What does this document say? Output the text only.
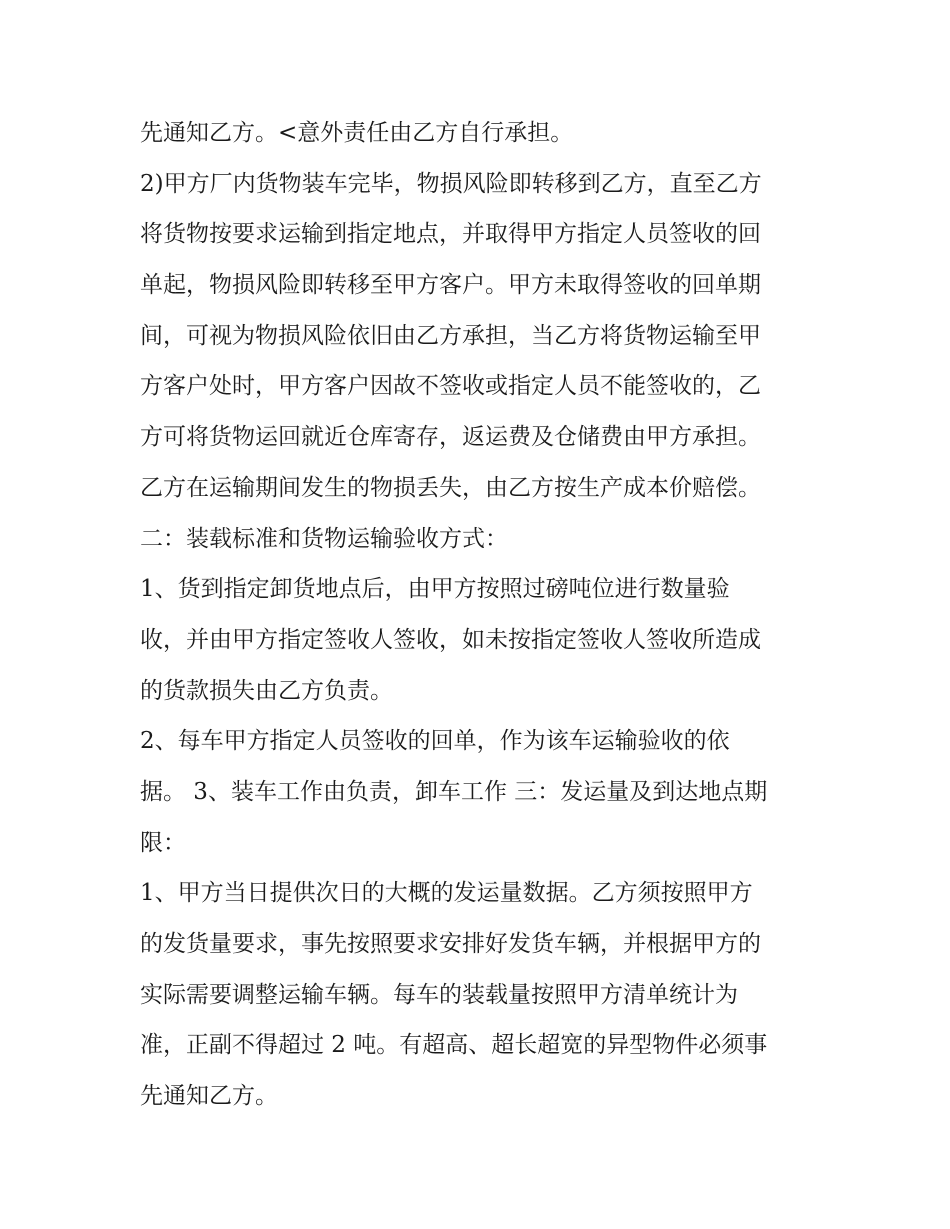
先通知乙方。<意外责任由乙方自行承担。
2)甲方厂内货物装车完毕，物损风险即转移到乙方，直至乙方
将货物按要求运输到指定地点，并取得甲方指定人员签收的回
单起，物损风险即转移至甲方客户。甲方未取得签收的回单期
间，可视为物损风险依旧由乙方承担，当乙方将货物运输至甲
方客户处时，甲方客户因故不签收或指定人员不能签收的，乙
方可将货物运回就近仓库寄存，返运费及仓储费由甲方承担。
乙方在运输期间发生的物损丢失，由乙方按生产成本价赔偿。
二：装载标准和货物运输验收方式：
1、货到指定卸货地点后，由甲方按照过磅吨位进行数量验
收，并由甲方指定签收人签收，如未按指定签收人签收所造成
的货款损失由乙方负责。
2、每车甲方指定人员签收的回单，作为该车运输验收的依
据。 3、装车工作由负责，卸车工作 三：发运量及到达地点期
限：
1、甲方当日提供次日的大概的发运量数据。乙方须按照甲方
的发货量要求，事先按照要求安排好发货车辆，并根据甲方的
实际需要调整运输车辆。每车的装载量按照甲方清单统计为
准，正副不得超过 2 吨。有超高、超长超宽的异型物件必须事
先通知乙方。
